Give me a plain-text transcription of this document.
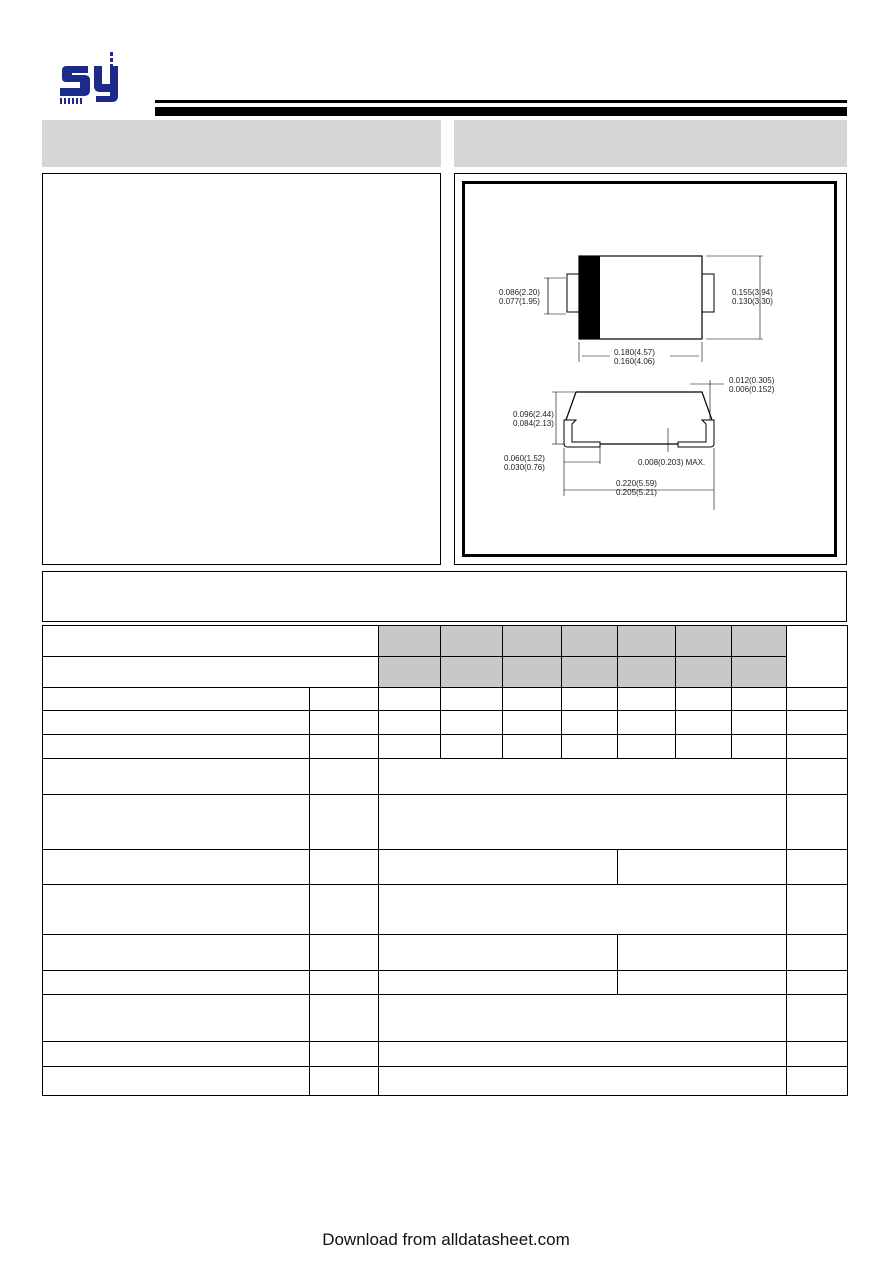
0.086(2.20)
0.077(1.95)
0.155(3.94)
0.130(3.30)
0.180(4.57)
0.160(4.06)
0.012(0.305)
0.006(0.152)
0.096(2.44)
0.084(2.13)
0.060(1.52)
0.030(0.76)
0.008(0.203) MAX.
0.220(5.59)
0.205(5.21)

Download from alldatasheet.com
